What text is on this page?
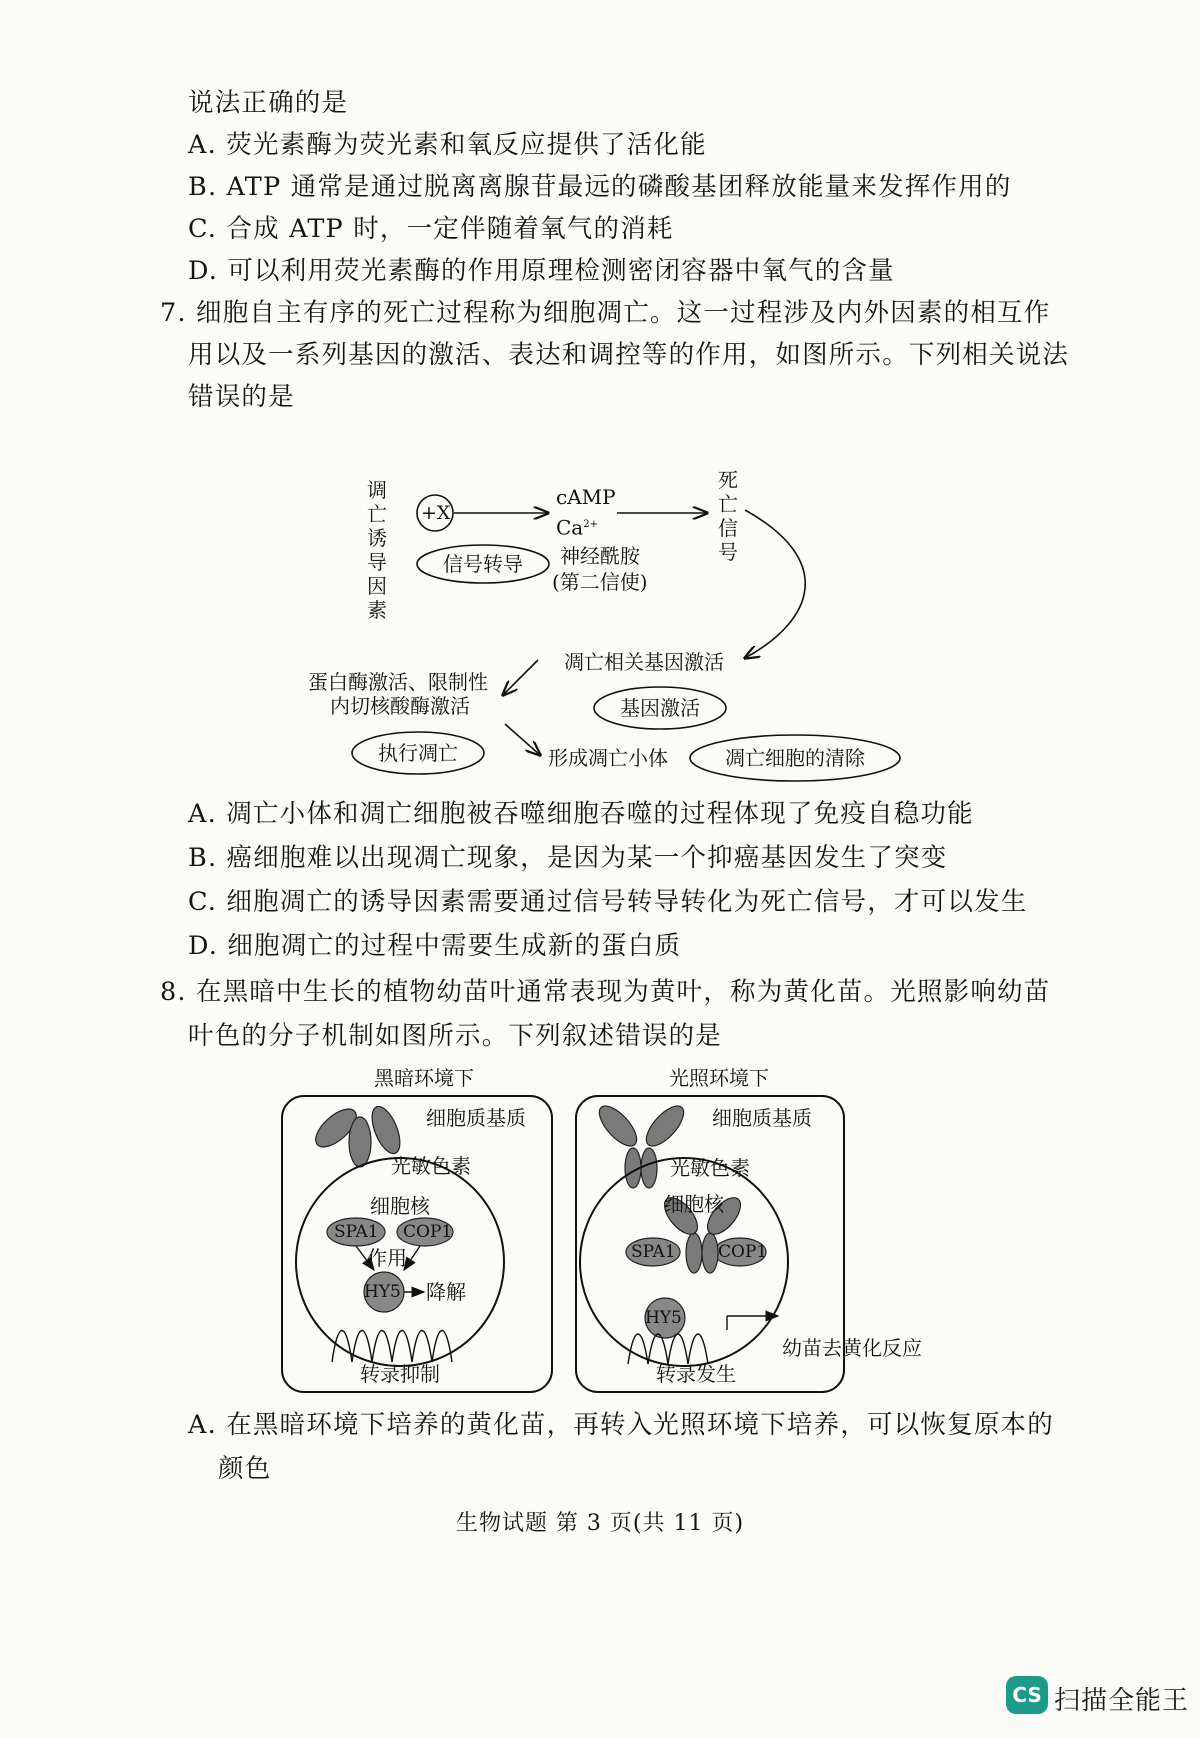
说法正确的是
A. 荧光素酶为荧光素和氧反应提供了活化能
B. ATP 通常是通过脱离离腺苷最远的磷酸基团释放能量来发挥作用的
C. 合成 ATP 时，一定伴随着氧气的消耗
D. 可以利用荧光素酶的作用原理检测密闭容器中氧气的含量
7. 细胞自主有序的死亡过程称为细胞凋亡。这一过程涉及内外因素的相互作
用以及一系列基因的激活、表达和调控等的作用，如图所示。下列相关说法
错误的是
调亡
诱导
因素
+X
cAMP
$Ca^{2+}$
神经酰胺
(第二信使)
信号转导
死
亡
信
号
凋亡相关基因激活
基因激活
蛋白酶激活、限制性
内切核酸酶激活
执行凋亡	形成凋亡小体	凋亡细胞的清除
A. 凋亡小体和凋亡细胞被吞噬细胞吞噬的过程体现了免疫自稳功能
B. 癌细胞难以出现凋亡现象，是因为某一个抑癌基因发生了突变
C. 细胞凋亡的诱导因素需要通过信号转导转化为死亡信号，才可以发生
D. 细胞凋亡的过程中需要生成新的蛋白质
8. 在黑暗中生长的植物幼苗叶通常表现为黄叶，称为黄化苗。光照影响幼苗
叶色的分子机制如图所示。下列叙述错误的是
黑暗环境下	光照环境下
细胞质基质	细胞质基质
光敏色素	光敏色素
细胞核	细胞核
SPA1 COP1
作用
HY5 降解
转录抑制
SPA1 COP1
HY5
转录发生
幼苗去黄化反应
A. 在黑暗环境下培养的黄化苗，再转入光照环境下培养，可以恢复原本的
颜色
生物试题 第 3 页(共 11 页)
CS 扫描全能王
